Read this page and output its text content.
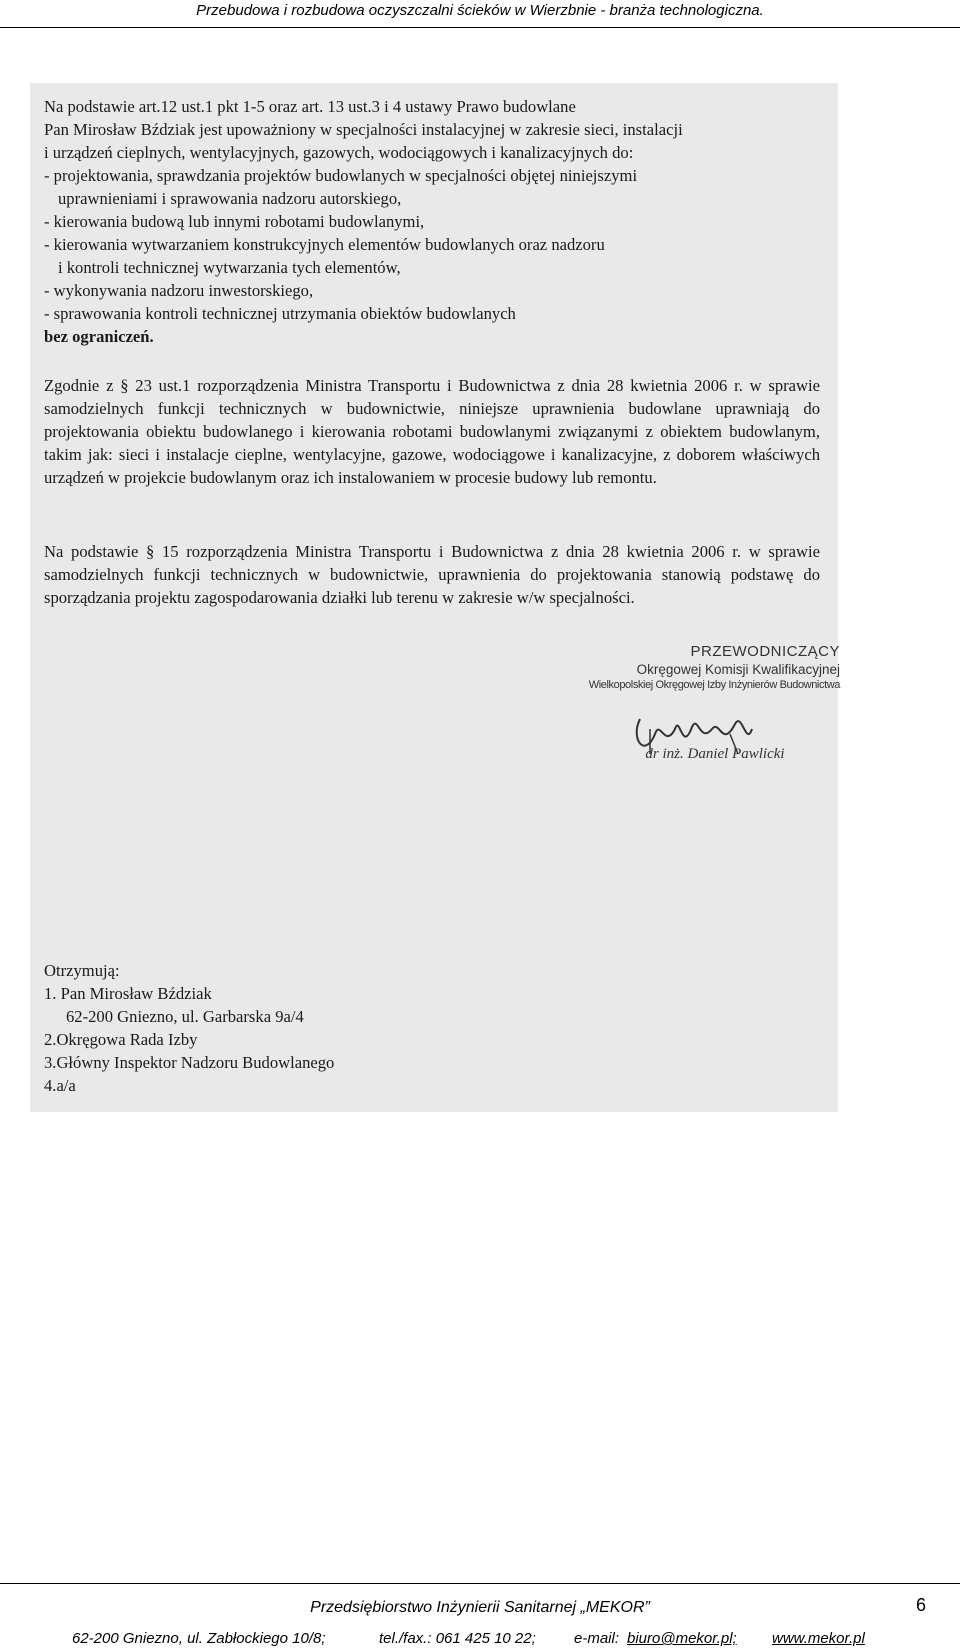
Przebudowa i rozbudowa oczyszczalni ścieków w Wierzbnie - branża technologiczna.

Na podstawie art.12 ust.1 pkt 1-5 oraz art. 13 ust.3 i 4 ustawy Prawo budowlane

Pan Mirosław Bździak jest upoważniony w specjalności instalacyjnej w zakresie sieci, instalacji

i urządzeń cieplnych, wentylacyjnych, gazowych, wodociągowych i kanalizacyjnych do:

- projektowania, sprawdzania projektów budowlanych w specjalności objętej niniejszymi

uprawnieniami i sprawowania nadzoru autorskiego,

- kierowania budową lub innymi robotami budowlanymi,

- kierowania wytwarzaniem konstrukcyjnych elementów budowlanych oraz nadzoru

i kontroli technicznej wytwarzania tych elementów,

- wykonywania nadzoru inwestorskiego,

- sprawowania kontroli technicznej utrzymania obiektów budowlanych

bez ograniczeń.

Zgodnie z § 23 ust.1 rozporządzenia Ministra Transportu i Budownictwa z dnia 28 kwietnia 2006 r. w sprawie samodzielnych funkcji technicznych w budownictwie, niniejsze uprawnienia budowlane uprawniają do projektowania obiektu budowlanego i kierowania robotami budowlanymi związanymi z obiektem budowlanym, takim jak: sieci i instalacje cieplne, wentylacyjne, gazowe, wodociągowe i kanalizacyjne, z doborem właściwych urządzeń w projekcie budowlanym oraz ich instalowaniem w procesie budowy lub remontu.

Na podstawie § 15 rozporządzenia Ministra Transportu i Budownictwa z dnia 28 kwietnia 2006 r. w sprawie samodzielnych funkcji technicznych w budownictwie, uprawnienia do projektowania stanowią podstawę do sporządzania projektu zagospodarowania działki lub terenu w zakresie w/w specjalności.

PRZEWODNICZĄCY
Okręgowej Komisji Kwalifikacyjnej
Wielkopolskiej Okręgowej Izby Inżynierów Budownictwa
dr inż. Daniel Pawlicki

Otrzymują:

1. Pan Mirosław Bździak

62-200 Gniezno, ul. Garbarska 9a/4

2.Okręgowa Rada Izby

3.Główny Inspektor Nadzoru Budowlanego

4.a/a

Przedsiębiorstwo Inżynierii Sanitarnej „MEKOR”	6
62-200 Gniezno, ul. Zabłockiego 10/8;	tel./fax.: 061 425 10 22;	e-mail: biuro@mekor.pl; www.mekor.pl
